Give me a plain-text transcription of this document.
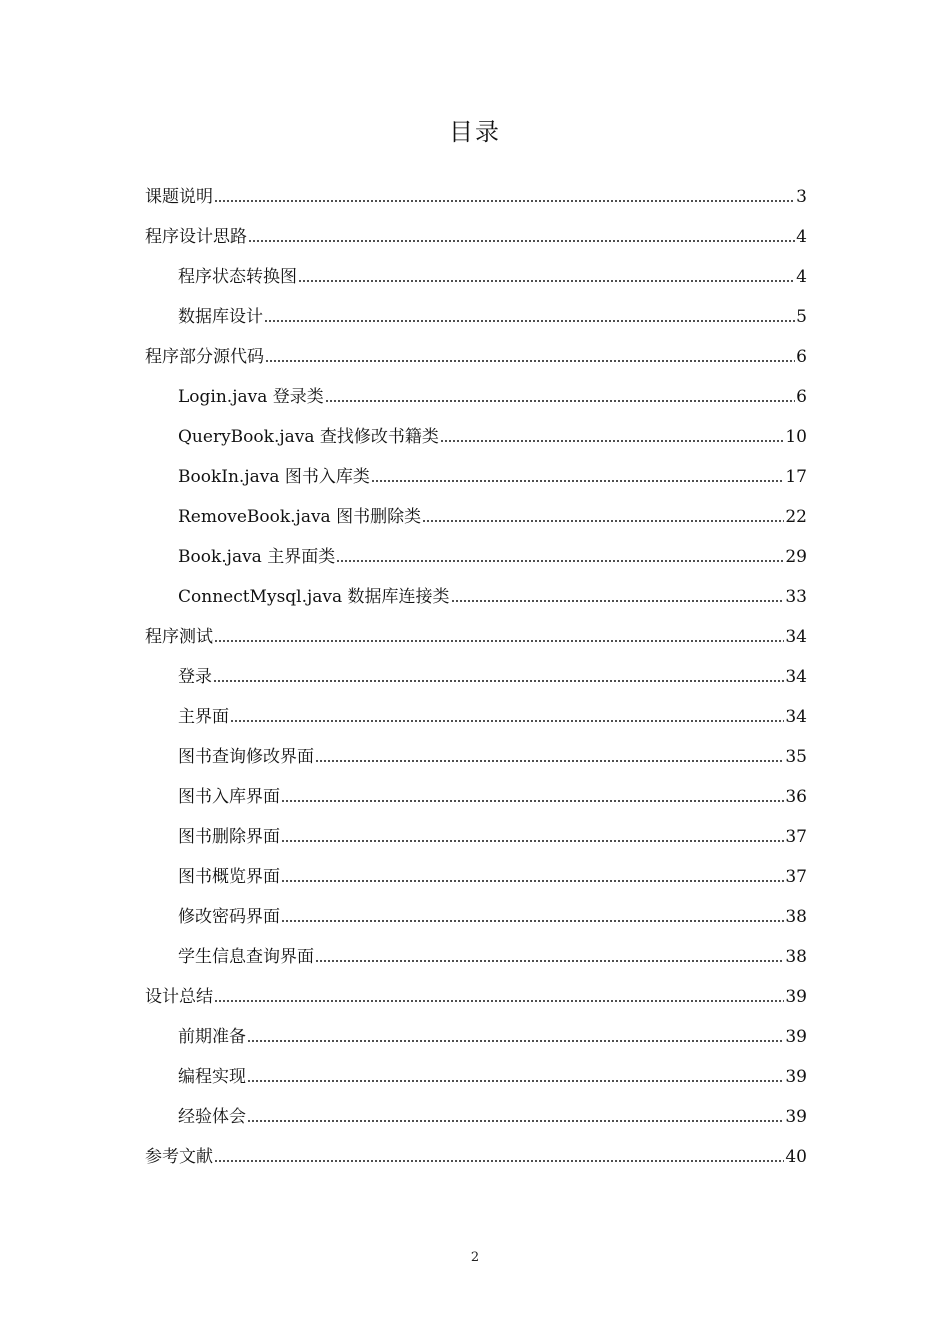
目录
课题说明	3
程序设计思路	4
程序状态转换图	4
数据库设计	5
程序部分源代码	6
Login.java 登录类	6
QueryBook.java 查找修改书籍类	10
BookIn.java 图书入库类	17
RemoveBook.java 图书删除类	22
Book.java 主界面类	29
ConnectMysql.java 数据库连接类	33
程序测试	34
登录	34
主界面	34
图书查询修改界面	35
图书入库界面	36
图书删除界面	37
图书概览界面	37
修改密码界面	38
学生信息查询界面	38
设计总结	39
前期准备	39
编程实现	39
经验体会	39
参考文献	40
2
